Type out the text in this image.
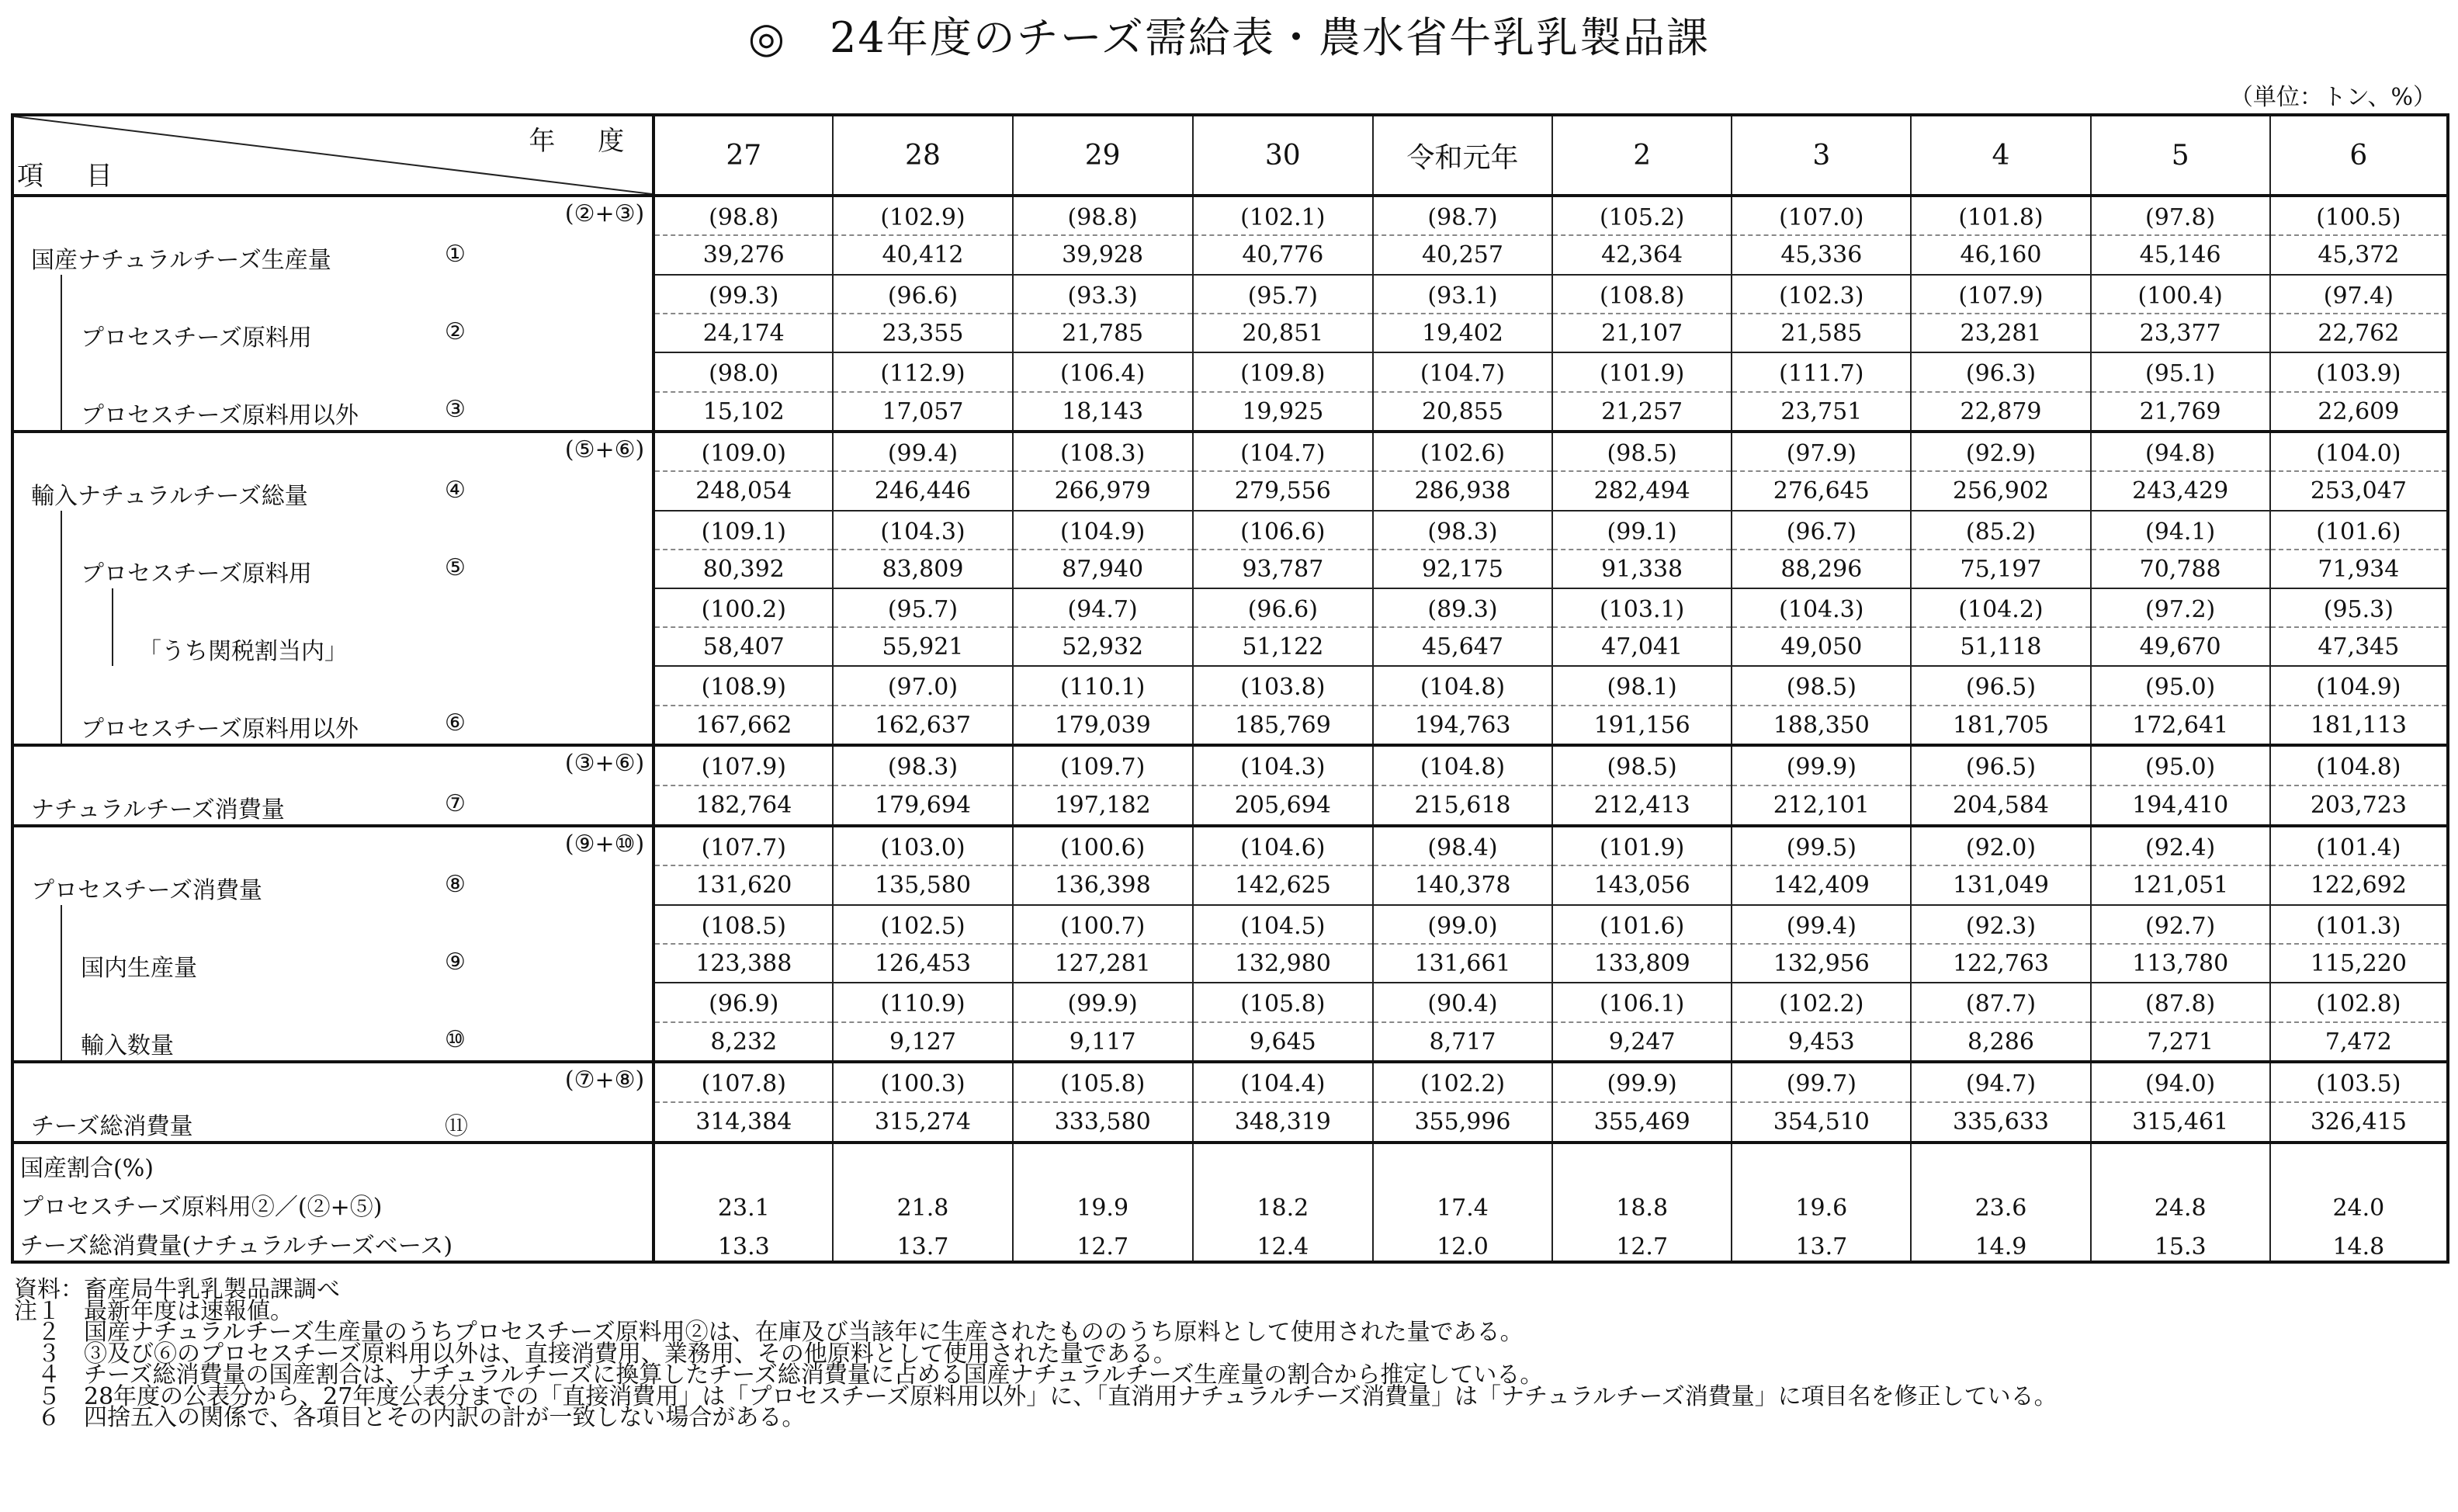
◎　24年度のチーズ需給表・農水省牛乳乳製品課
（単位：トン、%）
年 度
項 目	27	28	29	30	令和元年	2	3	4	5	6

(②+③)
国産ナチュラルチーズ生産量 ①	(98.8)	(102.9)	(98.8)	(102.1)	(98.7)	(105.2)	(107.0)	(101.8)	(97.8)	(100.5)
	39,276	40,412	39,928	40,776	40,257	42,364	45,336	46,160	45,146	45,372

プロセスチーズ原料用 ②	(99.3)	(96.6)	(93.3)	(95.7)	(93.1)	(108.8)	(102.3)	(107.9)	(100.4)	(97.4)
	24,174	23,355	21,785	20,851	19,402	21,107	21,585	23,281	23,377	22,762

プロセスチーズ原料用以外 ③	(98.0)	(112.9)	(106.4)	(109.8)	(104.7)	(101.9)	(111.7)	(96.3)	(95.1)	(103.9)
	15,102	17,057	18,143	19,925	20,855	21,257	23,751	22,879	21,769	22,609

(⑤+⑥)
輸入ナチュラルチーズ総量 ④	(109.0)	(99.4)	(108.3)	(104.7)	(102.6)	(98.5)	(97.9)	(92.9)	(94.8)	(104.0)
	248,054	246,446	266,979	279,556	286,938	282,494	276,645	256,902	243,429	253,047

プロセスチーズ原料用 ⑤	(109.1)	(104.3)	(104.9)	(106.6)	(98.3)	(99.1)	(96.7)	(85.2)	(94.1)	(101.6)
	80,392	83,809	87,940	93,787	92,175	91,338	88,296	75,197	70,788	71,934

「うち関税割当内」	(100.2)	(95.7)	(94.7)	(96.6)	(89.3)	(103.1)	(104.3)	(104.2)	(97.2)	(95.3)
	58,407	55,921	52,932	51,122	45,647	47,041	49,050	51,118	49,670	47,345

プロセスチーズ原料用以外 ⑥	(108.9)	(97.0)	(110.1)	(103.8)	(104.8)	(98.1)	(98.5)	(96.5)	(95.0)	(104.9)
	167,662	162,637	179,039	185,769	194,763	191,156	188,350	181,705	172,641	181,113

(③+⑥)
ナチュラルチーズ消費量 ⑦	(107.9)	(98.3)	(109.7)	(104.3)	(104.8)	(98.5)	(99.9)	(96.5)	(95.0)	(104.8)
	182,764	179,694	197,182	205,694	215,618	212,413	212,101	204,584	194,410	203,723

(⑨+⑩)
プロセスチーズ消費量 ⑧	(107.7)	(103.0)	(100.6)	(104.6)	(98.4)	(101.9)	(99.5)	(92.0)	(92.4)	(101.4)
	131,620	135,580	136,398	142,625	140,378	143,056	142,409	131,049	121,051	122,692

国内生産量 ⑨	(108.5)	(102.5)	(100.7)	(104.5)	(99.0)	(101.6)	(99.4)	(92.3)	(92.7)	(101.3)
	123,388	126,453	127,281	132,980	131,661	133,809	132,956	122,763	113,780	115,220

輸入数量 ⑩	(96.9)	(110.9)	(99.9)	(105.8)	(90.4)	(106.1)	(102.2)	(87.7)	(87.8)	(102.8)
	8,232	9,127	9,117	9,645	8,717	9,247	9,453	8,286	7,271	7,472

(⑦+⑧)
チーズ総消費量 ⑪	(107.8)	(100.3)	(105.8)	(104.4)	(102.2)	(99.9)	(99.7)	(94.7)	(94.0)	(103.5)
	314,384	315,274	333,580	348,319	355,996	355,469	354,510	335,633	315,461	326,415
国産割合(%)										
プロセスチーズ原料用②／(②+⑤)	23.1	21.8	19.9	18.2	17.4	18.8	19.6	23.6	24.8	24.0
チーズ総消費量(ナチュラルチーズベース)	13.3	13.7	12.7	12.4	12.0	12.7	13.7	14.9	15.3	14.8
資料：畜産局牛乳乳製品課調べ
注１　最新年度は速報値。
　２　国産ナチュラルチーズ生産量のうちプロセスチーズ原料用②は、在庫及び当該年に生産されたもののうち原料として使用された量である。
　３　③及び⑥のプロセスチーズ原料用以外は、直接消費用、業務用、その他原料として使用された量である。
　４　チーズ総消費量の国産割合は、ナチュラルチーズに換算したチーズ総消費量に占める国産ナチュラルチーズ生産量の割合から推定している。
　５　28年度の公表分から、27年度公表分までの「直接消費用」は「プロセスチーズ原料用以外」に、「直消用ナチュラルチーズ消費量」は「ナチュラルチーズ消費量」に項目名を修正している。
　６　四捨五入の関係で、各項目とその内訳の計が一致しない場合がある。
